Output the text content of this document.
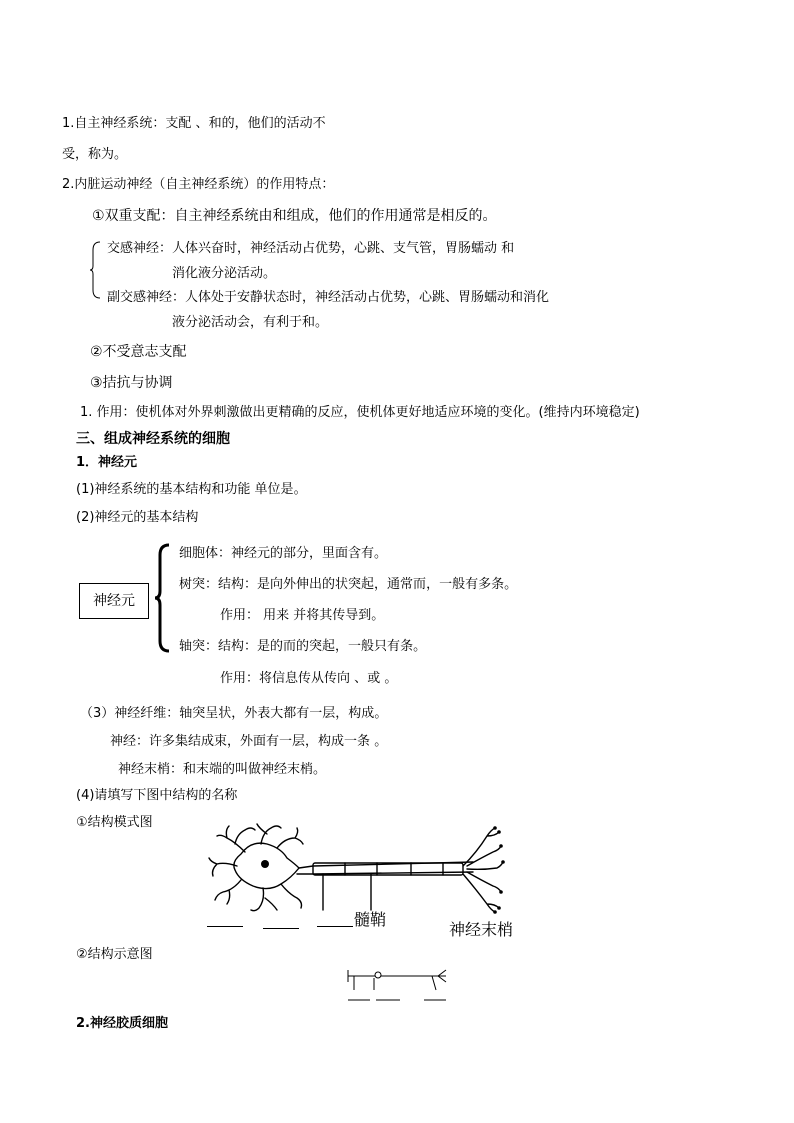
1.自主神经系统：支配 、和的，他们的活动不
受，称为。
2.内脏运动神经（自主神经系统）的作用特点：
①双重支配：自主神经系统由和组成，他们的作用通常是相反的。
交感神经：人体兴奋时，神经活动占优势，心跳、支气管，胃肠蠕动 和
消化液分泌活动。
副交感神经：人体处于安静状态时，神经活动占优势，心跳、胃肠蠕动和消化
液分泌活动会，有利于和。
②不受意志支配
③拮抗与协调
1. 作用：使机体对外界刺激做出更精确的反应，使机体更好地适应环境的变化。(维持内环境稳定)
三、组成神经系统的细胞
1．神经元
(1)神经系统的基本结构和功能 单位是。
(2)神经元的基本结构
神经元
细胞体：神经元的部分，里面含有。
树突：结构：是向外伸出的状突起，通常而，一般有多条。
作用： 用来 并将其传导到。
轴突：结构：是的而的突起，一般只有条。
作用：将信息传从传向 、或 。
（3）神经纤维：轴突呈状，外表大都有一层，构成。
神经：许多集结成束，外面有一层，构成一条 。
神经末梢：和末端的叫做神经末梢。
(4)请填写下图中结构的名称
①结构模式图
髓鞘
神经末梢
②结构示意图
2.神经胶质细胞
